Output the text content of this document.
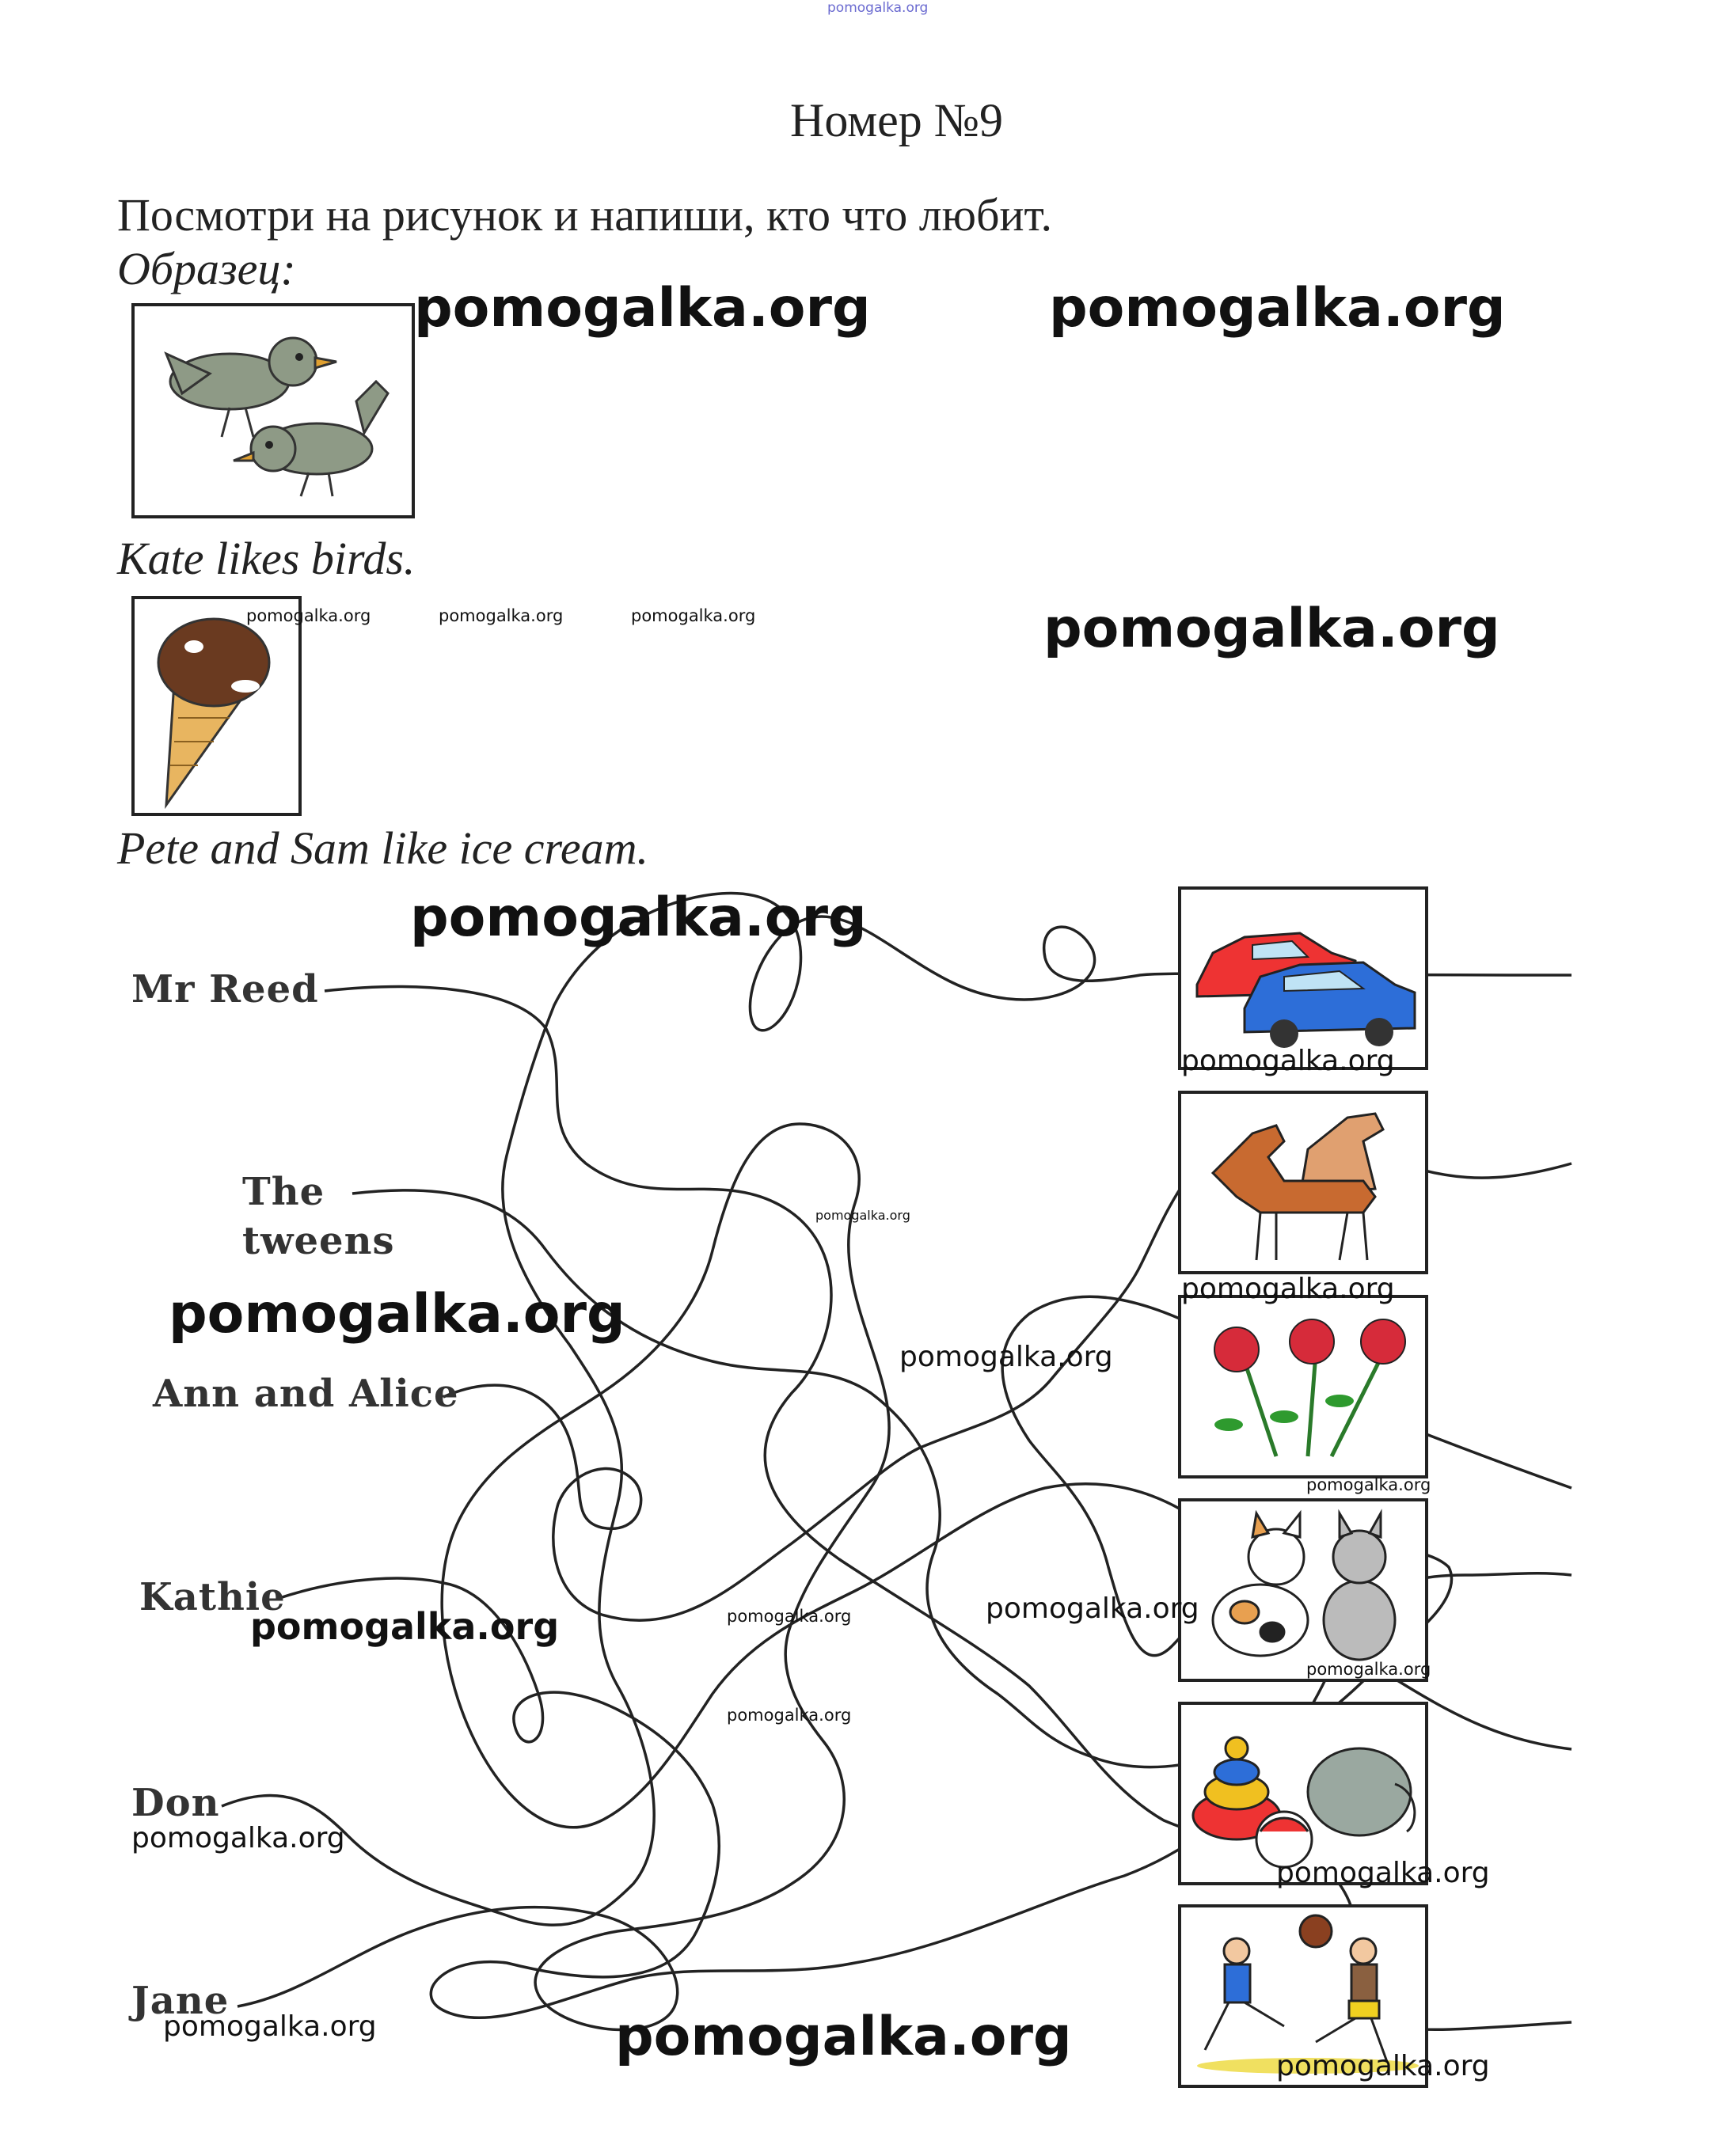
pomogalka.org
Номер №9
Посмотри на рисунок и напиши, кто что любит.
Образец:
pomogalka.org	pomogalka.org
Kate likes birds.
pomogalka.org	pomogalka.org	pomogalka.org	pomogalka.org
Pete and Sam like ice cream.
Mr Reed
The
tweens
Ann and Alice
Kathie
Don
Jane
pomogalka.org
pomogalka.org
pomogalka.org
pomogalka.org	pomogalka.org
pomogalka.org
pomogalka.org
pomogalka.org	pomogalka.org	pomogalka.org
pomogalka.org
pomogalka.org
pomogalka.org
pomogalka.org
pomogalka.org	pomogalka.org	pomogalka.org
